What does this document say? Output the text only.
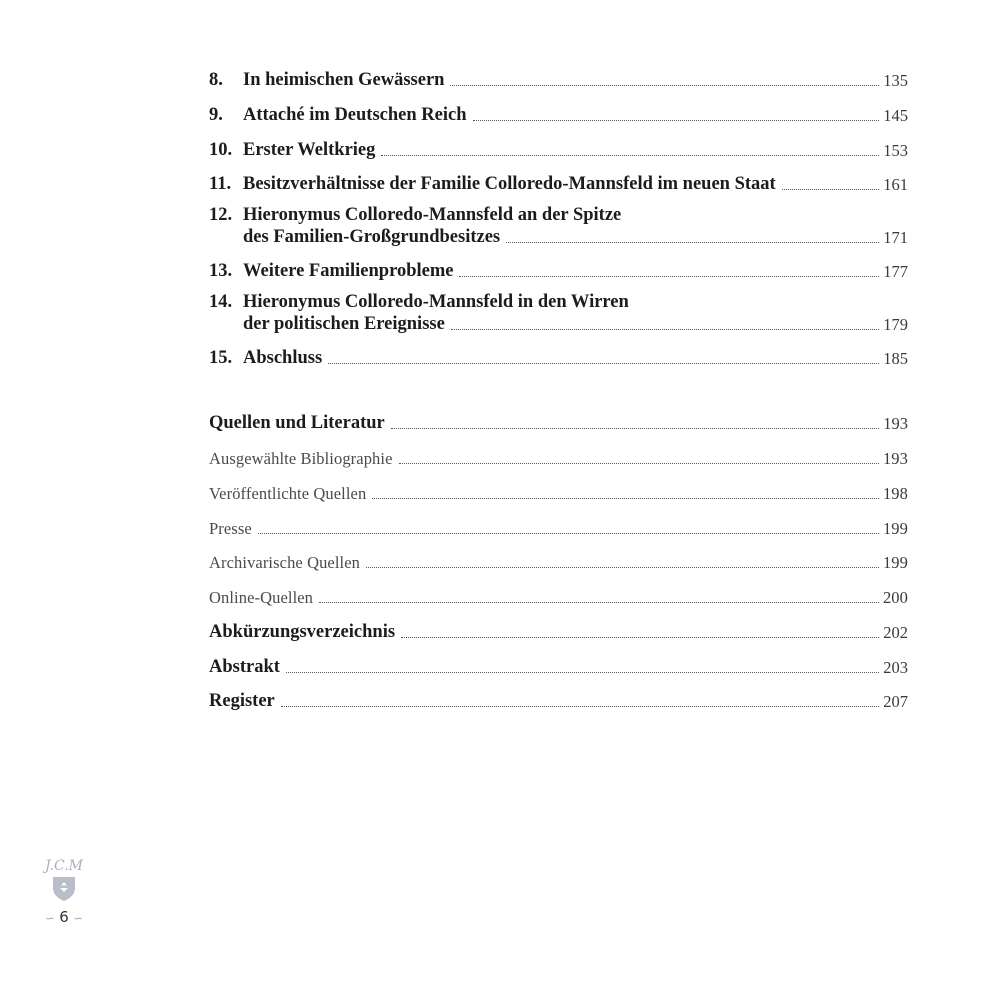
8.	In heimischen Gewässern	135
9.	Attaché im Deutschen Reich	145
10. Erster Weltkrieg	153
11. Besitzverhältnisse der Familie Colloredo-Mannsfeld im neuen Staat	161
12. Hieronymus Colloredo-Mannsfeld an der Spitze
des Familien-Großgrundbesitzes	171
13. Weitere Familienprobleme	177
14. Hieronymus Colloredo-Mannsfeld in den Wirren
der politischen Ereignisse	179
15. Abschluss	185
Quellen und Literatur	193
Ausgewählte Bibliographie	193
Veröffentlichte Quellen	198
Presse	199
Archivarische Quellen	199
Online-Quellen	200
Abkürzungsverzeichnis	202
Abstrakt	203
Register	207
J.C.M
∽ 6 ∽
